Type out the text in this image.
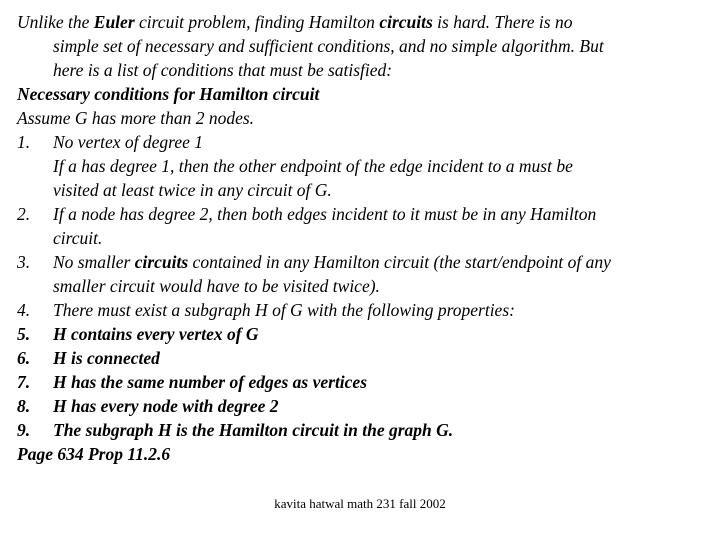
Unlike the Euler circuit problem, finding Hamilton circuits is hard. There is no
simple set of necessary and sufficient conditions, and no simple algorithm. But
here is a list of conditions that must be satisfied:
Necessary conditions for Hamilton circuit
Assume G has more than 2 nodes.
1.	No vertex of degree 1
If a has degree 1, then the other endpoint of the edge incident to a must be
visited at least twice in any circuit of G.
2.	If a node has degree 2, then both edges incident to it must be in any Hamilton
circuit.
3.	No smaller circuits contained in any Hamilton circuit (the start/endpoint of any
smaller circuit would have to be visited twice).
4.	There must exist a subgraph H of G with the following properties:
5.	H contains every vertex of G
6.	H is connected
7.	H has the same number of edges as vertices
8.	H has every node with degree 2
9.	The subgraph H is the Hamilton circuit in the graph G.
Page 634 Prop 11.2.6
kavita hatwal math 231 fall 2002
